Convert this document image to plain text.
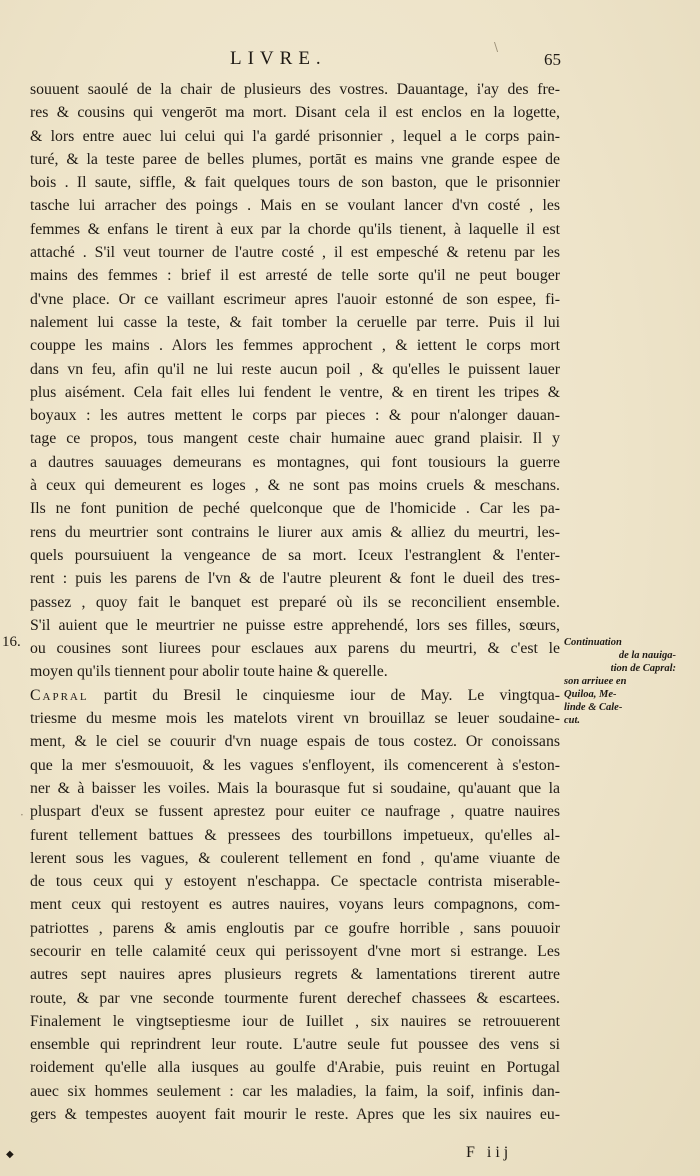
LIVRE.	65
16.
souuent saoulé de la chair de plusieurs des vostres. Dauantage, i'ay des fre-
res & cousins qui vengerōt ma mort. Disant cela il est enclos en la logette,
& lors entre auec lui celui qui l'a gardé prisonnier , lequel a le corps pain-
turé, & la teste paree de belles plumes, portāt es mains vne grande espee de
bois . Il saute, siffle, & fait quelques tours de son baston, que le prisonnier
tasche lui arracher des poings . Mais en se voulant lancer d'vn costé , les
femmes & enfans le tirent à eux par la chorde qu'ils tienent, à laquelle il est
attaché . S'il veut tourner de l'autre costé , il est empesché & retenu par les
mains des femmes : brief il est arresté de telle sorte qu'il ne peut bouger
d'vne place. Or ce vaillant escrimeur apres l'auoir estonné de son espee, fi-
nalement lui casse la teste, & fait tomber la ceruelle par terre. Puis il lui
couppe les mains . Alors les femmes approchent , & iettent le corps mort
dans vn feu, afin qu'il ne lui reste aucun poil , & qu'elles le puissent lauer
plus aisément. Cela fait elles lui fendent le ventre, & en tirent les tripes &
boyaux : les autres mettent le corps par pieces : & pour n'alonger dauan-
tage ce propos, tous mangent ceste chair humaine auec grand plaisir. Il y
a dautres sauuages demeurans es montagnes, qui font tousiours la guerre
à ceux qui demeurent es loges , & ne sont pas moins cruels & meschans.
Ils ne font punition de peché quelconque que de l'homicide . Car les pa-
rens du meurtrier sont contrains le liurer aux amis & alliez du meurtri, les-
quels poursuiuent la vengeance de sa mort. Iceux l'estranglent & l'enter-
rent : puis les parens de l'vn & de l'autre pleurent & font le dueil des tres-
passez , quoy fait le banquet est preparé où ils se reconcilient ensemble.
S'il auient que le meurtrier ne puisse estre apprehendé, lors ses filles, sœurs,
ou cousines sont liurees pour esclaues aux parens du meurtri, & c'est le
moyen qu'ils tiennent pour abolir toute haine & querelle.
Capral partit du Bresil le cinquiesme iour de May. Le vingtqua-
triesme du mesme mois les matelots virent vn brouillaz se leuer soudaine-
ment, & le ciel se couurir d'vn nuage espais de tous costez. Or conoissans
que la mer s'esmouuoit, & les vagues s'enfloyent, ils comencerent à s'eston-
ner & à baisser les voiles. Mais la bourasque fut si soudaine, qu'auant que la
pluspart d'eux se fussent aprestez pour euiter ce naufrage , quatre nauires
furent tellement battues & pressees des tourbillons impetueux, qu'elles al-
lerent sous les vagues, & coulerent tellement en fond , qu'ame viuante de
de tous ceux qui y estoyent n'eschappa. Ce spectacle contrista miserable-
ment ceux qui restoyent es autres nauires, voyans leurs compagnons, com-
patriottes , parens & amis engloutis par ce goufre horrible , sans pouuoir
secourir en telle calamité ceux qui perissoyent d'vne mort si estrange. Les
autres sept nauires apres plusieurs regrets & lamentations tirerent autre
route, & par vne seconde tourmente furent derechef chassees & escartees.
Finalement le vingtseptiesme iour de Iuillet , six nauires se retrouuerent
ensemble qui reprindrent leur route. L'autre seule fut poussee des vens si
roidement qu'elle alla iusques au goulfe d'Arabie, puis reuint en Portugal
auec six hommes seulement : car les maladies, la faim, la soif, infinis dan-
gers & tempestes auoyent fait mourir le reste. Apres que les six nauires eu-
Continuation
de la nauiga-
tion de Capral:
son arriuee en
Quiloa, Me-
linde & Cale-
cut.
\
·
◆	F iij
